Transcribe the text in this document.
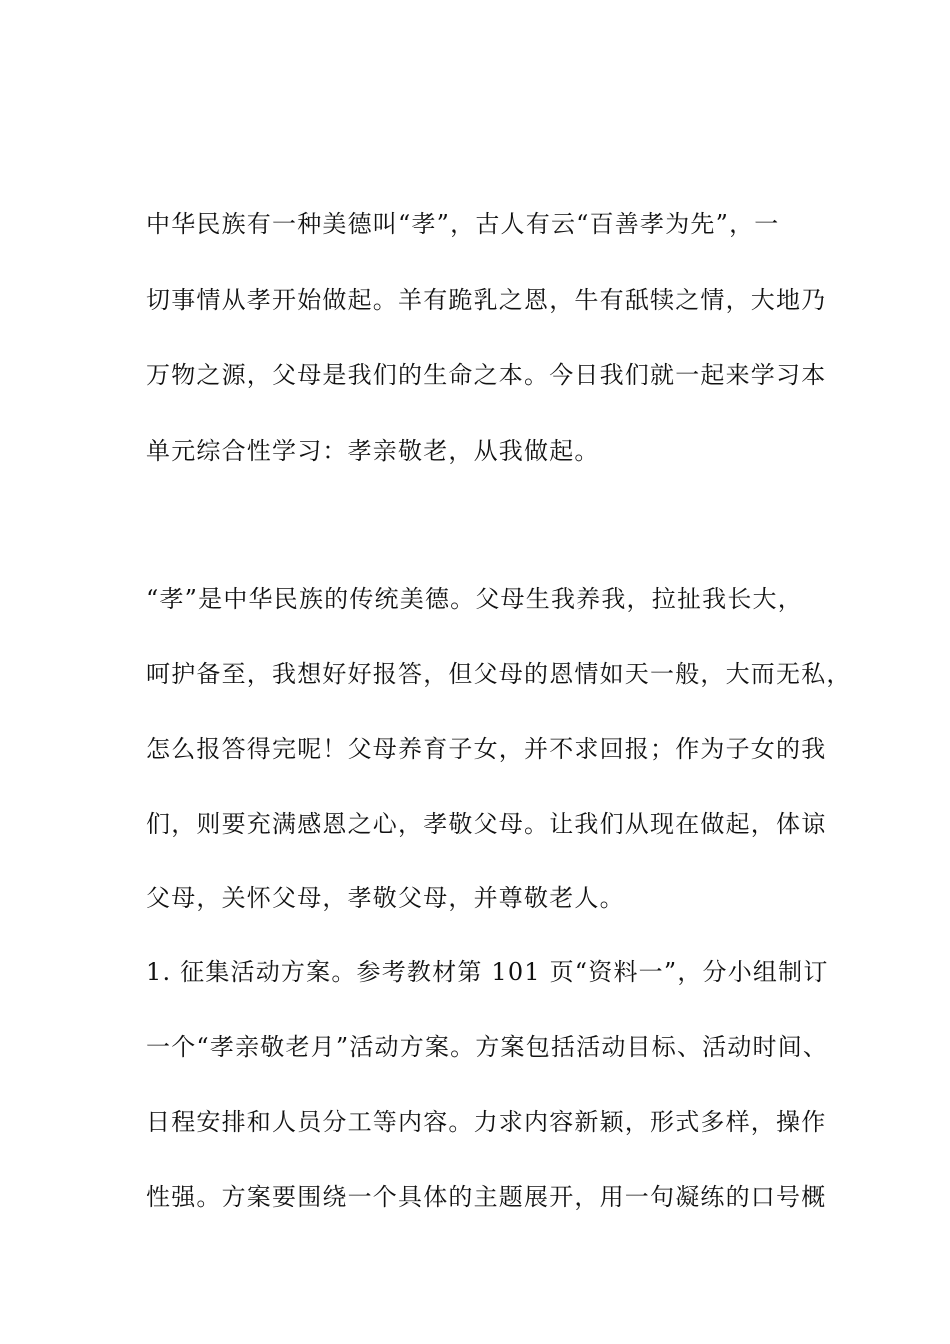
中华民族有一种美德叫“孝”，古人有云“百善孝为先”，一
切事情从孝开始做起。羊有跪乳之恩，牛有舐犊之情，大地乃
万物之源，父母是我们的生命之本。今日我们就一起来学习本
单元综合性学习：孝亲敬老，从我做起。
“孝”是中华民族的传统美德。父母生我养我，拉扯我长大，
呵护备至，我想好好报答，但父母的恩情如天一般，大而无私，
怎么报答得完呢！父母养育子女，并不求回报；作为子女的我
们，则要充满感恩之心，孝敬父母。让我们从现在做起，体谅
父母，关怀父母，孝敬父母，并尊敬老人。
1. 征集活动方案。参考教材第 101 页“资料一”，分小组制订
一个“孝亲敬老月”活动方案。方案包括活动目标、活动时间、
日程安排和人员分工等内容。力求内容新颖，形式多样，操作
性强。方案要围绕一个具体的主题展开，用一句凝练的口号概
